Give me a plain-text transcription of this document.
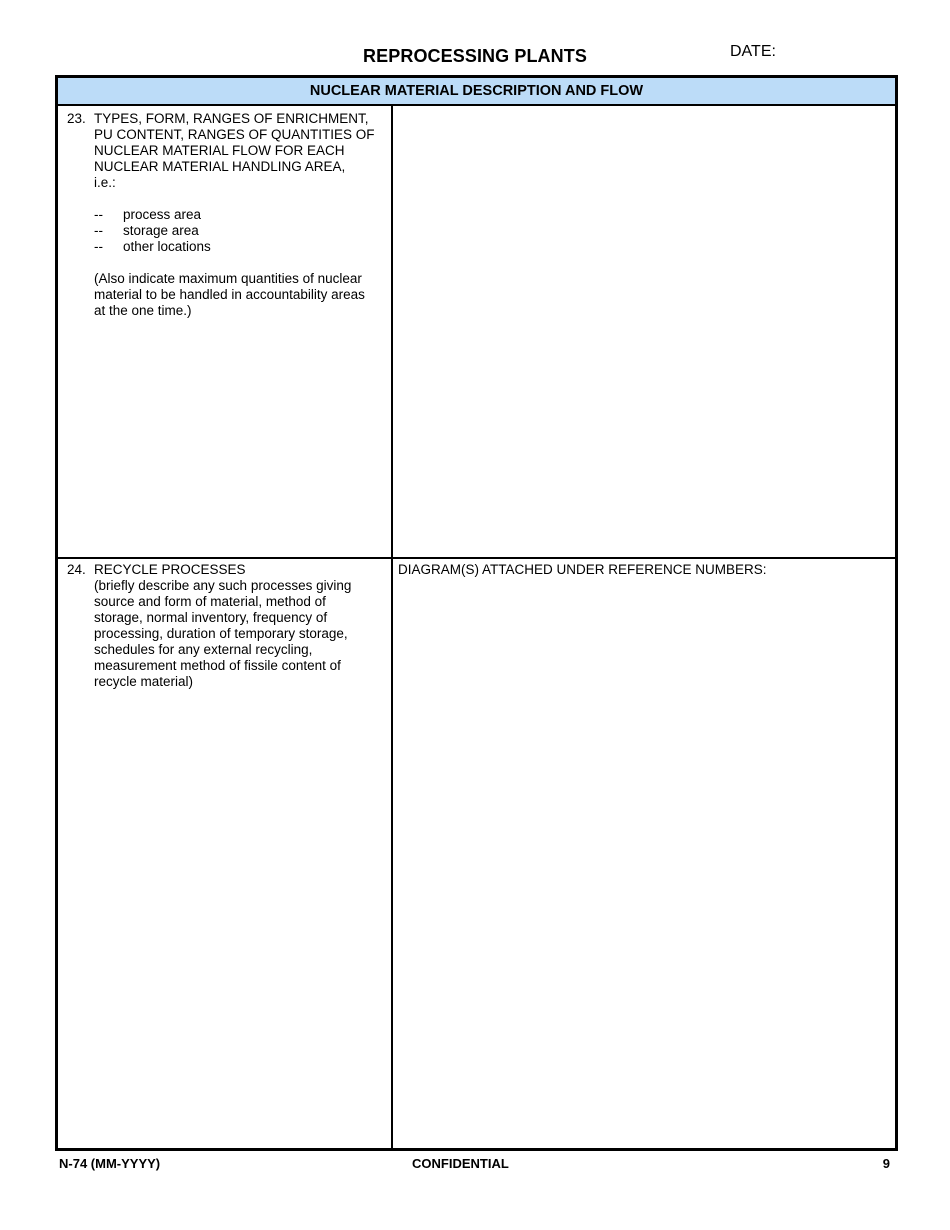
REPROCESSING PLANTS	DATE:
NUCLEAR MATERIAL DESCRIPTION AND FLOW
23. TYPES, FORM, RANGES OF ENRICHMENT,
PU CONTENT, RANGES OF QUANTITIES OF
NUCLEAR MATERIAL FLOW FOR EACH
NUCLEAR MATERIAL HANDLING AREA,
i.e.:
--	process area
--	storage area
--	other locations
(Also indicate maximum quantities of nuclear
material to be handled in accountability areas
at the one time.)
24. RECYCLE PROCESSES
(briefly describe any such processes giving
source and form of material, method of
storage, normal inventory, frequency of
processing, duration of temporary storage,
schedules for any external recycling,
measurement method of fissile content of
recycle material)
DIAGRAM(S) ATTACHED UNDER REFERENCE NUMBERS:
N-74 (MM-YYYY)	CONFIDENTIAL	9
